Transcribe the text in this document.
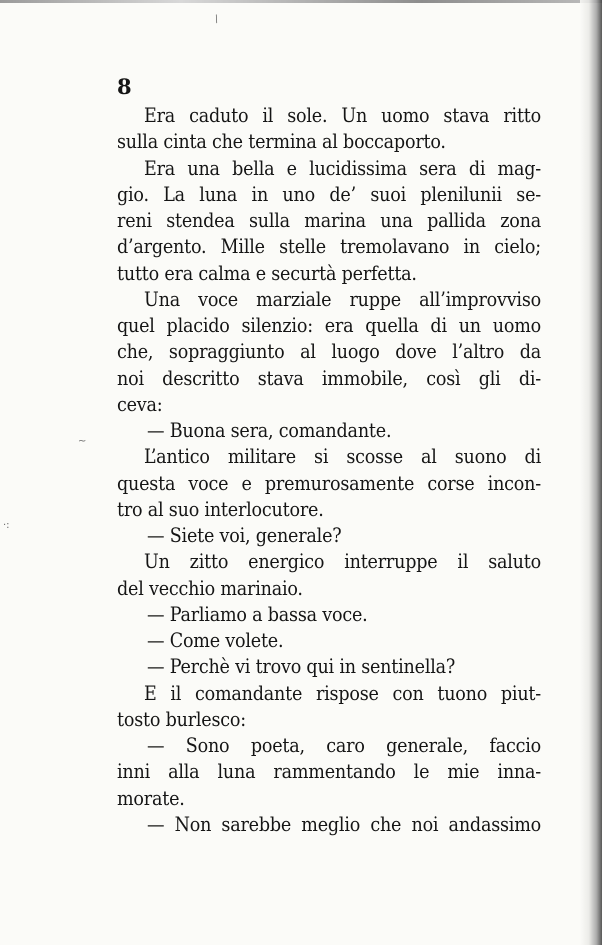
~
·:
/
8
Era caduto il sole. Un uomo stava ritto
sulla cinta che termina al boccaporto.
Era una bella e lucidissima sera di mag-
gio. La luna in uno de’ suoi plenilunii se-
reni stendea sulla marina una pallida zona
d’argento. Mille stelle tremolavano in cielo;
tutto era calma e securtà perfetta.
Una voce marziale ruppe all’improvviso
quel placido silenzio: era quella di un uomo
che, sopraggiunto al luogo dove l’altro da
noi descritto stava immobile, così gli di-
ceva:
— Buona sera, comandante.
L’antico militare si scosse al suono di
questa voce e premurosamente corse incon-
tro al suo interlocutore.
— Siete voi, generale?
Un zitto energico interruppe il saluto
del vecchio marinaio.
— Parliamo a bassa voce.
— Come volete.
— Perchè vi trovo qui in sentinella?
E il comandante rispose con tuono piut-
tosto burlesco:
— Sono poeta, caro generale, faccio
inni alla luna rammentando le mie inna-
morate.
— Non sarebbe meglio che noi andassimo
